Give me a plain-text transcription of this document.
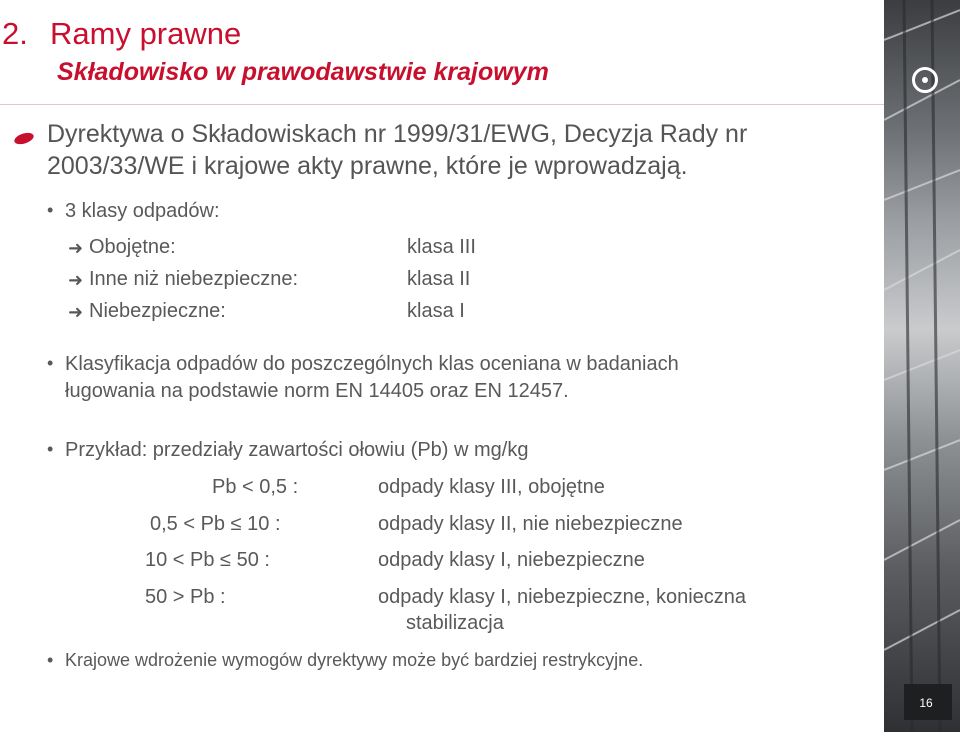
16
2. Ramy prawne
Składowisko w prawodawstwie krajowym
Dyrektywa o Składowiskach nr 1999/31/EWG, Decyzja Rady nr
2003/33/WE i krajowe akty prawne, które je wprowadzają.
• 3 klasy odpadów:
➜ Obojętne:	klasa III
➜ Inne niż niebezpieczne:	klasa II
➜ Niebezpieczne:	klasa I
• Klasyfikacja odpadów do poszczególnych klas oceniana w badaniach
ługowania na podstawie norm EN 14405 oraz EN 12457.
• Przykład: przedziały zawartości ołowiu (Pb) w mg/kg
Pb < 0,5 :	odpady klasy III, obojętne
0,5 < Pb ≤ 10 :	odpady klasy II, nie niebezpieczne
10 < Pb ≤ 50 :	odpady klasy I, niebezpieczne
50 > Pb :	odpady klasy I, niebezpieczne, konieczna
stabilizacja
• Krajowe wdrożenie wymogów dyrektywy może być bardziej restrykcyjne.
